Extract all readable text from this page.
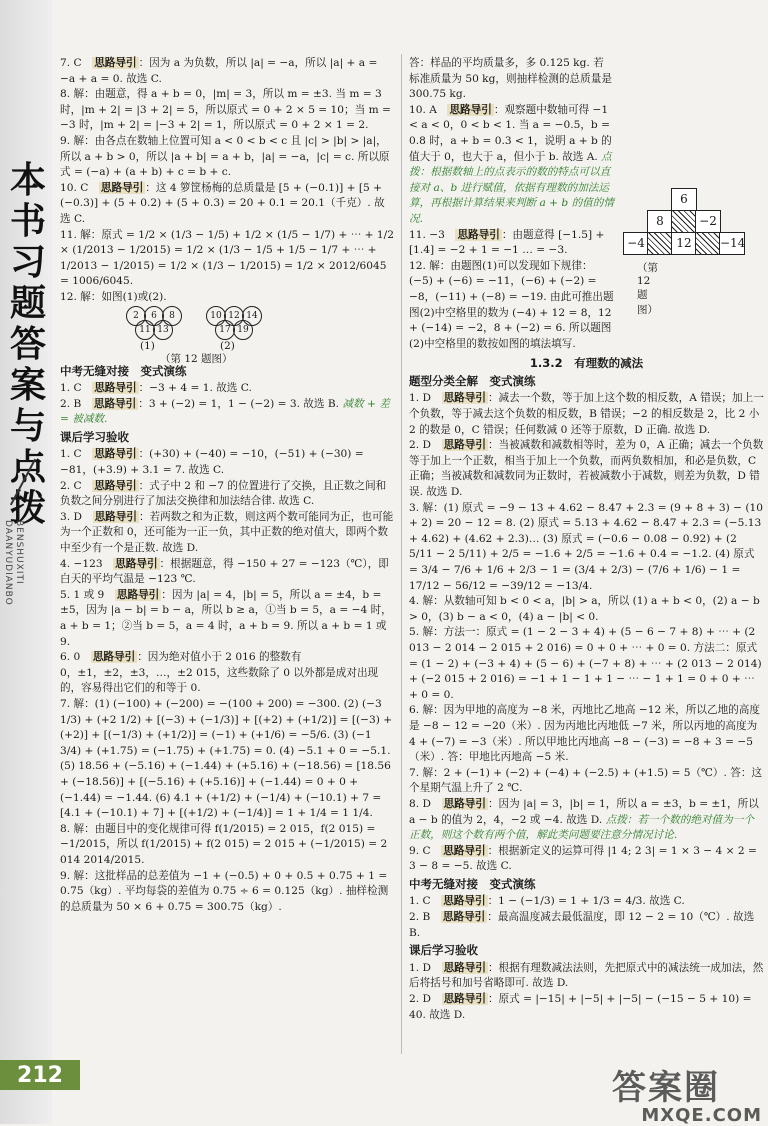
本
书
习
题
答
案
与
点
拨
BENSHUXITI
DAANYUDIANBO
7. C　思路导引 ：因为 a 为负数，所以 |a| = −a，所以 |a| + a = −a + a = 0. 故选 C.
8. 解：由题意，得 a + b = 0，|m| = 3，所以 m = ±3. 当 m = 3 时，|m + 2| = |3 + 2| = 5，所以原式 = 0 + 2 × 5 = 10；当 m = −3 时，|m + 2| = |−3 + 2| = 1，所以原式 = 0 + 2 × 1 = 2.
9. 解：由各点在数轴上位置可知 a < 0 < b < c 且 |c| > |b| > |a|，所以 a + b > 0，所以 |a + b| = a + b，|a| = −a，|c| = c. 所以原式 = (−a) + (a + b) + c = b + c.
10. C　思路导引 ：这 4 箩筐杨梅的总质量是 [5 + (−0.1)] + [5 + (−0.3)] + (5 + 0.2) + (5 + 0.3) = 20 + 0.1 = 20.1（千克）. 故选 C.
11. 解：原式 = 1/2 × (1/3 − 1/5) + 1/2 × (1/5 − 1/7) + ⋯ + 1/2 × (1/2013 − 1/2015) = 1/2 × (1/3 − 1/5 + 1/5 − 1/7 + ⋯ + 1/2013 − 1/2015) = 1/2 × (1/3 − 1/2015) = 1/2 × 2012/6045 = 1006/6045.
12. 解：如图(1)或(2).
2	6	8
11 13
10 12 14
17 19
(1)	(2)
（第 12 题图）
中考无缝对接　变式演练
1. C　思路导引 ：−3 + 4 = 1. 故选 C.
2. B　思路导引 ：3 + (−2) = 1，1 − (−2) = 3. 故选 B. 减数 + 差 = 被减数.
课后学习验收
1. C　思路导引 ：(+30) + (−40) = −10，(−51) + (−30) = −81，(+3.9) + 3.1 = 7. 故选 C.
2. C　思路导引 ：式子中 2 和 −7 的位置进行了交换，且正数之间和负数之间分别进行了加法交换律和加法结合律. 故选 C.
3. D　思路导引 ：若两数之和为正数，则这两个数可能同为正，也可能为一个正数和 0，还可能为一正一负，其中正数的绝对值大，即两个数中至少有一个是正数. 故选 D.
4. −123　思路导引 ：根据题意，得 −150 + 27 = −123（℃），即白天的平均气温是 −123 ℃.
5. 1 或 9　思路导引 ：因为 |a| = 4，|b| = 5，所以 a = ±4，b = ±5，因为 |a − b| = b − a，所以 b ≥ a，①当 b = 5，a = −4 时，a + b = 1；②当 b = 5，a = 4 时，a + b = 9. 所以 a + b = 1 或 9.
6. 0　思路导引 ：因为绝对值小于 2 016 的整数有 0，±1，±2，±3，…，±2 015，这些数除了 0 以外都是成对出现的，容易得出它们的和等于 0.
7. 解：(1) (−100) + (−200) = −(100 + 200) = −300. (2) (−3 1/3) + (+2 1/2) + [(−3) + (−1/3)] + [(+2) + (+1/2)] = [(−3) + (+2)] + [(−1/3) + (+1/2)] = (−1) + (+1/6) = −5/6. (3) (−1 3/4) + (+1.75) = (−1.75) + (+1.75) = 0. (4) −5.1 + 0 = −5.1. (5) 18.56 + (−5.16) + (−1.44) + (+5.16) + (−18.56) = [18.56 + (−18.56)] + [(−5.16) + (+5.16)] + (−1.44) = 0 + 0 + (−1.44) = −1.44. (6) 4.1 + (+1/2) + (−1/4) + (−10.1) + 7 = [4.1 + (−10.1) + 7] + [(+1/2) + (−1/4)] = 1 + 1/4 = 1 1/4.
8. 解：由题目中的变化规律可得 f(1/2015) = 2 015，f(2 015) = −1/2015，所以 f(1/2015) + f(2 015) = 2 015 + (−1/2015) = 2 014 2014/2015.
9. 解：这批样品的总差值为 −1 + (−0.5) + 0 + 0.5 + 0.75 + 1 = 0.75（kg）. 平均每袋的差值为 0.75 ÷ 6 = 0.125（kg）. 抽样检测的总质量为 50 × 6 + 0.75 = 300.75（kg）.
答：样品的平均质量多，多 0.125 kg. 若标准质量为 50 kg，则抽样检测的总质量是 300.75 kg.
10. A　思路导引 ：观察题中数轴可得 −1 < a < 0，0 < b < 1. 当 a = −0.5，b = 0.8 时，a + b = 0.3 < 1，说明 a + b 的值大于 0，也大于 a，但小于 b. 故选 A. 点拨：根据数轴上的点表示的数的特点可以直接对 a、b 进行赋值，依据有理数的加法运算，再根据计算结果来判断 a + b 的值的情况.
11. −3　思路导引 ：由题意得 [−1.5] + [1.4] = −2 + 1 = −1 … = −3.
12. 解：由题图(1)可以发现如下规律：(−5) + (−6) = −11，(−6) + (−2) = −8，(−11) + (−8) = −19. 由此可推出题图(2)中空格里的数为 (−4) + 12 = 8，12 + (−14) = −2，8 + (−2) = 6. 所以题图(2)中空格里的数按如图的填法填写.
1.3.2　有理数的减法
题型分类全解　变式演练
1. D　思路导引 ：减去一个数，等于加上这个数的相反数，A 错误；加上一个负数，等于减去这个负数的相反数，B 错误；−2 的相反数是 2，比 2 小 2 的数是 0，C 错误；任何数减 0 还等于原数，D 正确. 故选 D.
2. D　思路导引 ：当被减数和减数相等时，差为 0，A 正确；减去一个负数等于加上一个正数，相当于加上一个负数，而两负数相加，和必是负数，C 正确；当被减数和减数同为正数时，若被减数小于减数，则差为负数，D 错误. 故选 D.
3. 解：(1) 原式 = −9 − 13 + 4.62 − 8.47 + 2.3 = (9 + 8 + 3) − (10 + 2) = 20 − 12 = 8. (2) 原式 = 5.13 + 4.62 − 8.47 + 2.3 = (−5.13 + 4.62) + (4.62 + 2.3)… (3) 原式 = (−0.6 − 0.08 − 0.92) + (2 5/11 − 2 5/11) + 2/5 = −1.6 + 2/5 = −1.6 + 0.4 = −1.2. (4) 原式 = 3/4 − 7/6 + 1/6 + 2/3 − 1 = (3/4 + 2/3) − (7/6 + 1/6) − 1 = 17/12 − 56/12 = −39/12 = −13/4.
4. 解：从数轴可知 b < 0 < a，|b| > a，所以 (1) a + b < 0，(2) a − b > 0，(3) b − a < 0，(4) a − |b| < 0.
5. 解：方法一：原式 = (1 − 2 − 3 + 4) + (5 − 6 − 7 + 8) + ⋯ + (2 013 − 2 014 − 2 015 + 2 016) = 0 + 0 + ⋯ + 0 = 0. 方法二：原式 = (1 − 2) + (−3 + 4) + (5 − 6) + (−7 + 8) + ⋯ + (2 013 − 2 014) + (−2 015 + 2 016) = −1 + 1 − 1 + 1 − ⋯ − 1 + 1 = 0 + 0 + ⋯ + 0 = 0.
6. 解：因为甲地的高度为 −8 米，丙地比乙地高 −12 米，所以乙地的高度是 −8 − 12 = −20（米）. 因为丙地比丙地低 −7 米，所以丙地的高度为 4 + (−7) = −3（米）. 所以甲地比丙地高 −8 − (−3) = −8 + 3 = −5（米）. 答：甲地比丙地高 −5 米.
7. 解：2 + (−1) + (−2) + (−4) + (−2.5) + (+1.5) = 5（℃）. 答：这个星期气温上升了 2 ℃.
8. D　思路导引 ：因为 |a| = 3，|b| = 1，所以 a = ±3，b = ±1，所以 a − b 的值为 2，4，−2 或 −4. 故选 D. 点拨：若一个数的绝对值为一个正数，则这个数有两个值，解此类问题要注意分情况讨论.
9. C　思路导引 ：根据新定义的运算可得 |1 4; 2 3| = 1 × 3 − 4 × 2 = 3 − 8 = −5. 故选 C.
中考无缝对接　变式演练
1. C　思路导引 ：1 − (−1/3) = 1 + 1/3 = 4/3. 故选 C.
2. B　思路导引 ：最高温度减去最低温度，即 12 − 2 = 10（℃）. 故选 B.
课后学习验收
1. D　思路导引 ：根据有理数减法法则，先把原式中的减法统一成加法，然后将括号和加号省略即可. 故选 D.
2. D　思路导引 ：原式 = |−15| + |−5| + |−5| − (−15 − 5 + 10) = 40. 故选 D.
6
8	−2
−4	12	−14
（第 12 题图）
212	答案圈
MXQE.COM
